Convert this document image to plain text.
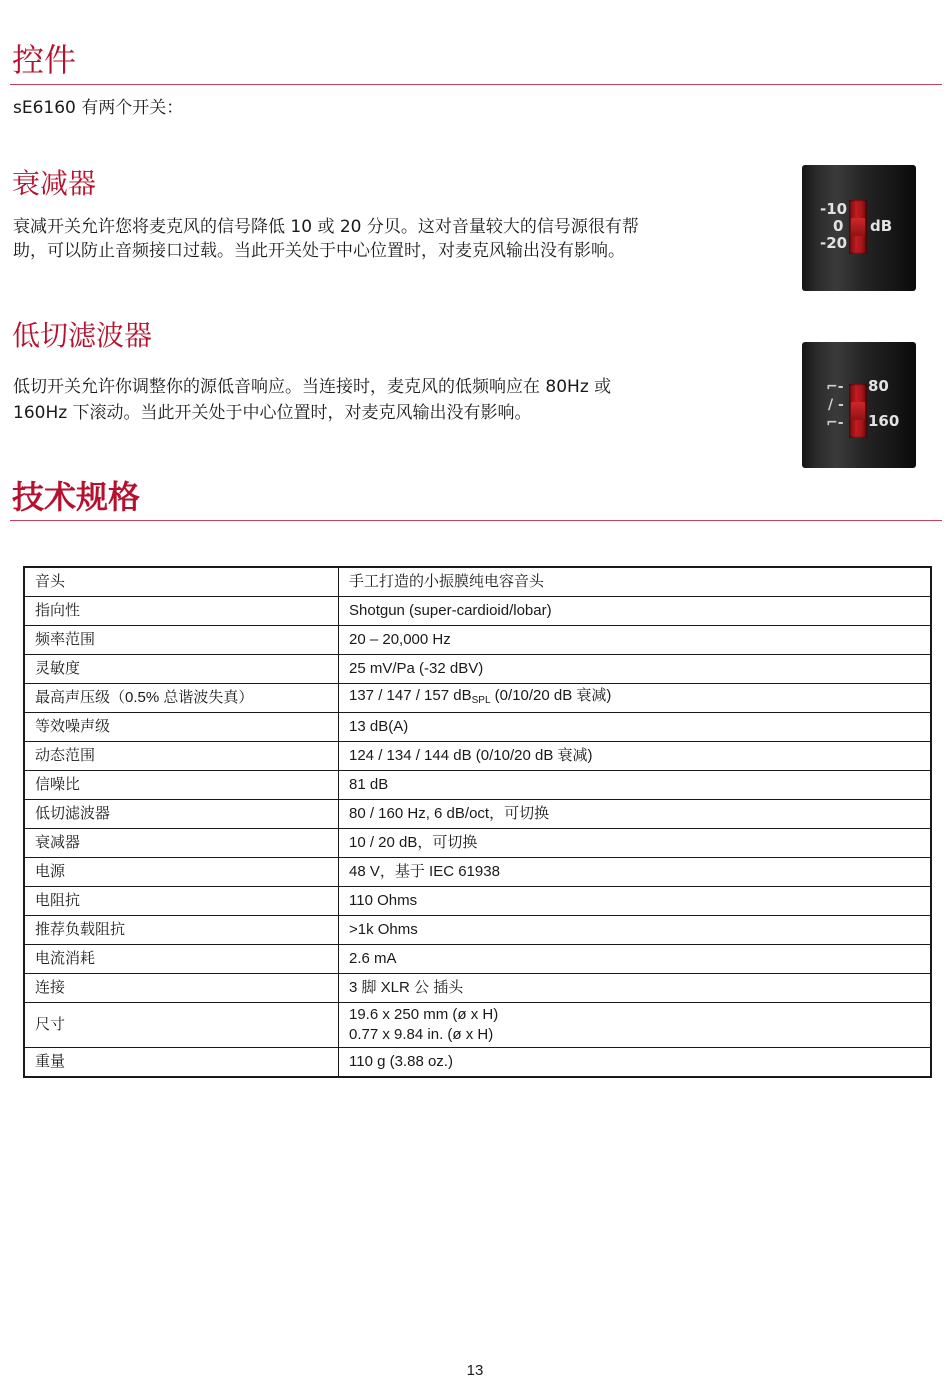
控件

sE6160 有两个开关：

衰减器

衰减开关允许您将麦克风的信号降低 10 或 20 分贝。这对音量较大的信号源很有帮

助，可以防止音频接口过载。当此开关处于中心位置时，对麦克风输出没有影响。

-10
0
-20
dB
低切滤波器

低切开关允许你调整你的源低音响应。当连接时，麦克风的低频响应在 80Hz 或

160Hz 下滚动。当此开关处于中心位置时，对麦克风输出没有影响。

⌐‐
/ ‐
⌐‐
80
160
技术规格
音头	手工打造的小振膜纯电容音头
指向性	Shotgun (super-cardioid/lobar)
频率范围	20 – 20,000 Hz
灵敏度	25 mV/Pa (-32 dBV)
最高声压级（0.5% 总谐波失真）	137 / 147 / 157 $dB_{SPL}$ (0/10/20 dB 衰减)
等效噪声级	13 dB(A)
动态范围	124 / 134 / 144 dB (0/10/20 dB 衰减)
信噪比	81 dB
低切滤波器	80 / 160 Hz, 6 dB/oct，可切换
衰减器	10 / 20 dB，可切换
电源	48 V，基于 IEC 61938
电阻抗	110 Ohms
推荐负载阻抗	>1k Ohms
电流消耗	2.6 mA
连接	3 脚 XLR 公 插头
尺寸	19.6 x 250 mm (ø x H)
0.77 x 9.84 in. (ø x H)

重量	110 g (3.88 oz.)
13
